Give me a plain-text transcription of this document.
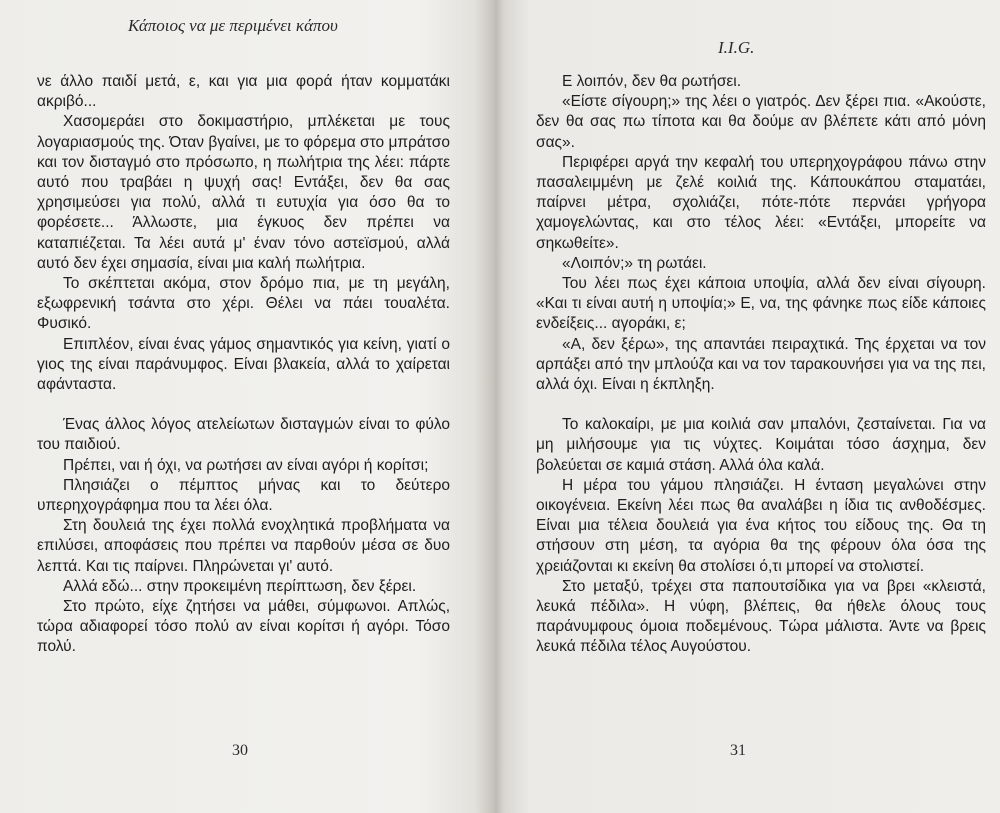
Κάποιος να με περιμένει κάπου

νε άλλο παιδί μετά, ε, και για μια φορά ήταν κομματάκι ακριβό...

Χασομεράει στο δοκιμαστήριο, μπλέκεται με τους λογαριασμούς της. Όταν βγαίνει, με το φόρεμα στο μπράτσο και τον δισταγμό στο πρόσωπο, η πωλήτρια της λέει: πάρτε αυτό που τραβάει η ψυχή σας! Εντάξει, δεν θα σας χρησιμεύσει για πολύ, αλλά τι ευτυχία για όσο θα το φορέσετε... Άλλωστε, μια έγκυος δεν πρέπει να καταπιέζεται. Τα λέει αυτά μ' έναν τόνο αστεϊσμού, αλλά αυτό δεν έχει σημασία, είναι μια καλή πωλήτρια.

Το σκέπτεται ακόμα, στον δρόμο πια, με τη μεγάλη, εξωφρενική τσάντα στο χέρι. Θέλει να πάει τουαλέτα. Φυσικό.

Επιπλέον, είναι ένας γάμος σημαντικός για κείνη, γιατί ο γιος της είναι παράνυμφος. Είναι βλακεία, αλλά το χαίρεται αφάνταστα.

Ένας άλλος λόγος ατελείωτων δισταγμών είναι το φύλο του παιδιού.

Πρέπει, ναι ή όχι, να ρωτήσει αν είναι αγόρι ή κορίτσι;

Πλησιάζει ο πέμπτος μήνας και το δεύτερο υπερηχογράφημα που τα λέει όλα.

Στη δουλειά της έχει πολλά ενοχλητικά προβλήματα να επιλύσει, αποφάσεις που πρέπει να παρθούν μέσα σε δυο λεπτά. Και τις παίρνει. Πληρώνεται γι' αυτό.

Αλλά εδώ... στην προκειμένη περίπτωση, δεν ξέρει.

Στο πρώτο, είχε ζητήσει να μάθει, σύμφωνοι. Απλώς, τώρα αδιαφορεί τόσο πολύ αν είναι κορίτσι ή αγόρι. Τόσο πολύ.

30
I.I.G.

Ε λοιπόν, δεν θα ρωτήσει.

«Είστε σίγουρη;» της λέει ο γιατρός. Δεν ξέρει πια. «Ακούστε, δεν θα σας πω τίποτα και θα δούμε αν βλέπετε κάτι από μόνη σας».

Περιφέρει αργά την κεφαλή του υπερηχογράφου πάνω στην πασαλειμμένη με ζελέ κοιλιά της. Κάπουκάπου σταματάει, παίρνει μέτρα, σχολιάζει, πότε-πότε περνάει γρήγορα χαμογελώντας, και στο τέλος λέει: «Εντάξει, μπορείτε να σηκωθείτε».

«Λοιπόν;» τη ρωτάει.

Του λέει πως έχει κάποια υποψία, αλλά δεν είναι σίγουρη. «Και τι είναι αυτή η υποψία;» Ε, να, της φάνηκε πως είδε κάποιες ενδείξεις... αγοράκι, ε;

«Α, δεν ξέρω», της απαντάει πειραχτικά. Της έρχεται να τον αρπάξει από την μπλούζα και να τον ταρακουνήσει για να της πει, αλλά όχι. Είναι η έκπληξη.

Το καλοκαίρι, με μια κοιλιά σαν μπαλόνι, ζεσταίνεται. Για να μη μιλήσουμε για τις νύχτες. Κοιμάται τόσο άσχημα, δεν βολεύεται σε καμιά στάση. Αλλά όλα καλά.

Η μέρα του γάμου πλησιάζει. Η ένταση μεγαλώνει στην οικογένεια. Εκείνη λέει πως θα αναλάβει η ίδια τις ανθοδέσμες. Είναι μια τέλεια δουλειά για ένα κήτος του είδους της. Θα τη στήσουν στη μέση, τα αγόρια θα της φέρουν όλα όσα της χρειάζονται κι εκείνη θα στολίσει ό,τι μπορεί να στολιστεί.

Στο μεταξύ, τρέχει στα παπουτσίδικα για να βρει «κλειστά, λευκά πέδιλα». Η νύφη, βλέπεις, θα ήθελε όλους τους παράνυμφους όμοια ποδεμένους. Τώρα μάλιστα. Άντε να βρεις λευκά πέδιλα τέλος Αυγούστου.

31
